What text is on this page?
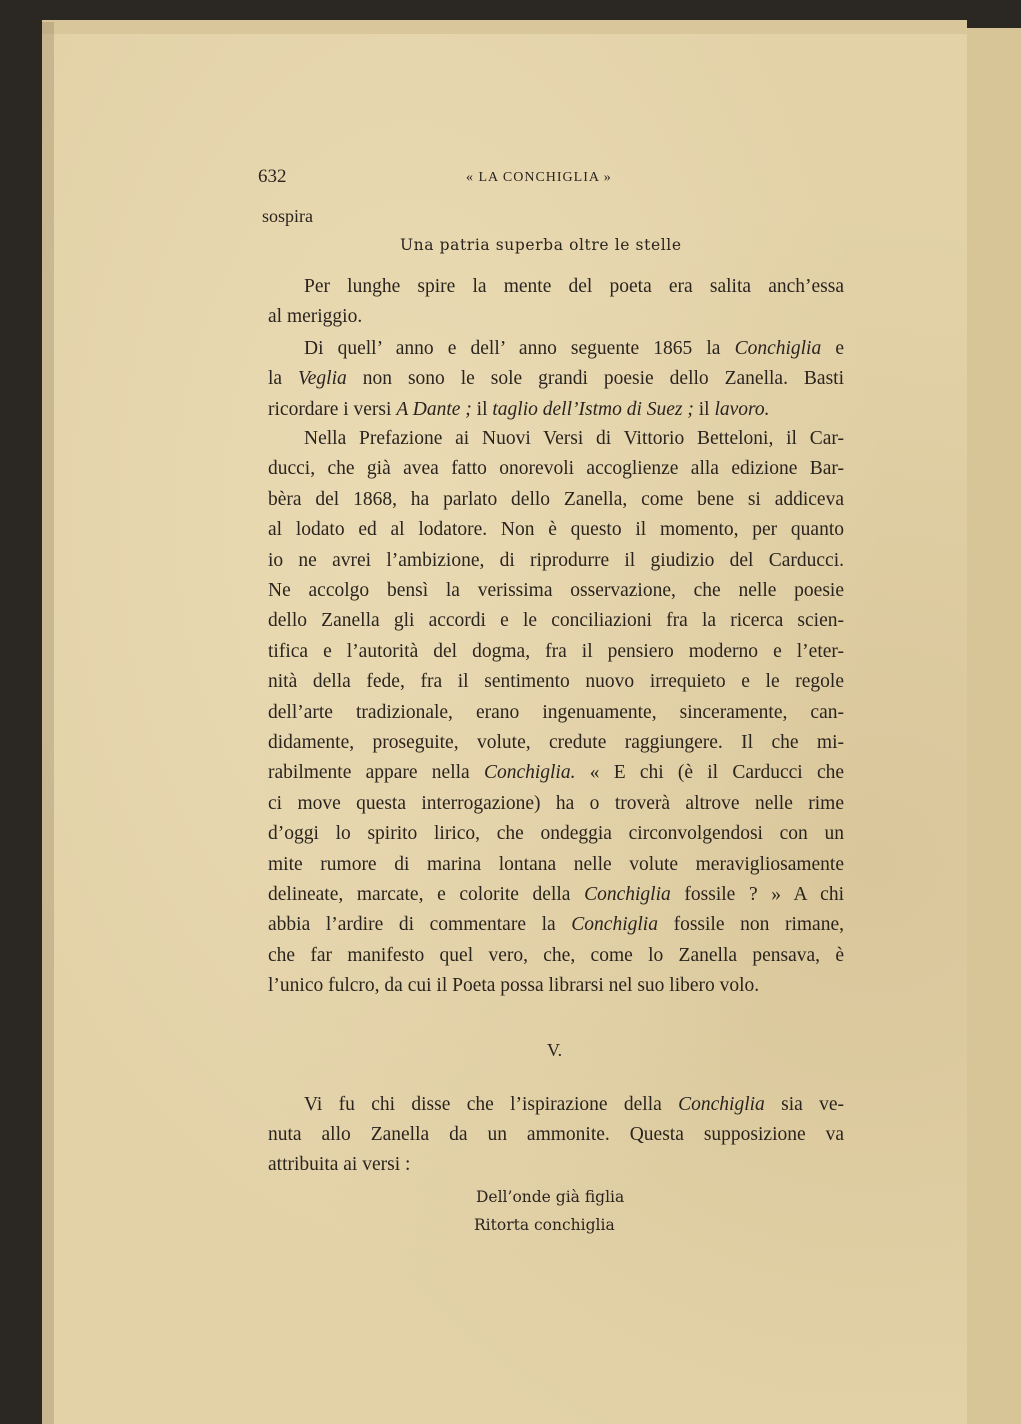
632	« LA CONCHIGLIA »
sospira
Una patria superba oltre le stelle
Per lunghe spire la mente del poeta era salita anch’essa
al meriggio.
Di quell’ anno e dell’ anno seguente 1865 la Conchiglia e
la Veglia non sono le sole grandi poesie dello Zanella. Basti
ricordare i versi A Dante ; il taglio dell’Istmo di Suez ; il lavoro.
Nella Prefazione ai Nuovi Versi di Vittorio Betteloni, il Car-
ducci, che già avea fatto onorevoli accoglienze alla edizione Bar-
bèra del 1868, ha parlato dello Zanella, come bene si addiceva
al lodato ed al lodatore. Non è questo il momento, per quanto
io ne avrei l’ambizione, di riprodurre il giudizio del Carducci.
Ne accolgo bensì la verissima osservazione, che nelle poesie
dello Zanella gli accordi e le conciliazioni fra la ricerca scien-
tifica e l’autorità del dogma, fra il pensiero moderno e l’eter-
nità della fede, fra il sentimento nuovo irrequieto e le regole
dell’arte tradizionale, erano ingenuamente, sinceramente, can-
didamente, proseguite, volute, credute raggiungere. Il che mi-
rabilmente appare nella Conchiglia. « E chi (è il Carducci che
ci move questa interrogazione) ha o troverà altrove nelle rime
d’oggi lo spirito lirico, che ondeggia circonvolgendosi con un
mite rumore di marina lontana nelle volute meravigliosamente
delineate, marcate, e colorite della Conchiglia fossile ? » A chi
abbia l’ardire di commentare la Conchiglia fossile non rimane,
che far manifesto quel vero, che, come lo Zanella pensava, è
l’unico fulcro, da cui il Poeta possa librarsi nel suo libero volo.
Vi fu chi disse che l’ispirazione della Conchiglia sia ve-
nuta allo Zanella da un ammonite. Questa supposizione va
attribuita ai versi :
V.
Dell’onde già figlia
Ritorta conchiglia
